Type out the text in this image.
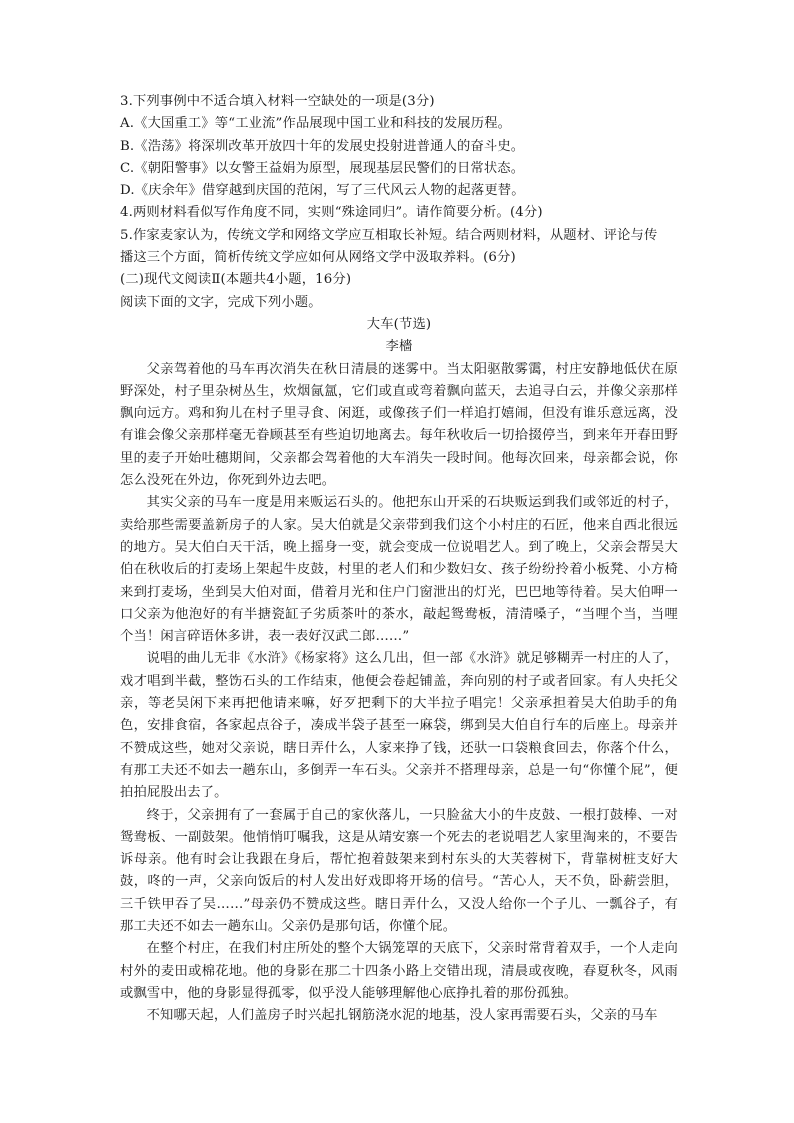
3.下列事例中不适合填入材料一空缺处的一项是(3分)

A.《大国重工》等“工业流”作品展现中国工业和科技的发展历程。

B.《浩荡》将深圳改革开放四十年的发展史投射进普通人的奋斗史。

C.《朝阳警事》以女警王益娟为原型，展现基层民警们的日常状态。

D.《庆余年》借穿越到庆国的范闲，写了三代风云人物的起落更替。

4.两则材料看似写作角度不同，实则“殊途同归”。请作简要分析。(4分)

5.作家麦家认为，传统文学和网络文学应互相取长补短。结合两则材料，从题材、评论与传

播这三个方面，简析传统文学应如何从网络文学中汲取养料。(6分)

(二)现代文阅读Ⅱ(本题共4小题，16分)

阅读下面的文字，完成下列小题。

大车(节选)

李檣

父亲驾着他的马车再次消失在秋日清晨的迷雾中。当太阳驱散雾霭，村庄安静地低伏在原野深处，村子里杂树丛生，炊烟氤氲，它们或直或弯着飘向蓝天，去追寻白云，并像父亲那样飘向远方。鸡和狗儿在村子里寻食、闲逛，或像孩子们一样追打嬉闹，但没有谁乐意远离，没有谁会像父亲那样毫无眷顾甚至有些迫切地离去。每年秋收后一切拾掇停当，到来年开春田野里的麦子开始吐穗期间，父亲都会驾着他的大车消失一段时间。他每次回来，母亲都会说，你怎么没死在外边，你死到外边去吧。

其实父亲的马车一度是用来贩运石头的。他把东山开采的石块贩运到我们或邻近的村子，卖给那些需要盖新房子的人家。吴大伯就是父亲带到我们这个小村庄的石匠，他来自西北很远的地方。吴大伯白天干活，晚上摇身一变，就会变成一位说唱艺人。到了晚上，父亲会帮吴大伯在秋收后的打麦场上架起牛皮鼓，村里的老人们和少数妇女、孩子纷纷拎着小板凳、小方椅来到打麦场，坐到吴大伯对面，借着月光和住户门窗泄出的灯光，巴巴地等待着。吴大伯呷一口父亲为他泡好的有半搪瓷缸子劣质茶叶的茶水，敲起鸳鸯板，清清嗓子，“当哩个当，当哩个当！闲言碎语休多讲，表一表好汉武二郎……”

说唱的曲儿无非《水浒》《杨家将》这么几出，但一部《水浒》就足够糊弄一村庄的人了，戏才唱到半截，整饬石头的工作结束，他便会卷起铺盖，奔向别的村子或者回家。有人央托父亲，等老吴闲下来再把他请来嘛，好歹把剩下的大半拉子唱完！父亲承担着吴大伯助手的角色，安排食宿，各家起点谷子，凑成半袋子甚至一麻袋，绑到吴大伯自行车的后座上。母亲并不赞成这些，她对父亲说，瞎日弄什么，人家来挣了钱，还驮一口袋粮食回去，你落个什么，有那工夫还不如去一趟东山，多倒弄一车石头。父亲并不搭理母亲，总是一句“你懂个屁”，便拍拍屁股出去了。

终于，父亲拥有了一套属于自己的家伙落儿，一只脸盆大小的牛皮鼓、一根打鼓棒、一对鸳鸯板、一副鼓架。他悄悄叮嘱我，这是从靖安寨一个死去的老说唱艺人家里淘来的，不要告诉母亲。他有时会让我跟在身后，帮忙抱着鼓架来到村东头的大芙蓉树下，背靠树桩支好大鼓，咚的一声，父亲向饭后的村人发出好戏即将开场的信号。“苦心人，天不负，卧薪尝胆，三千铁甲吞了吴……”母亲仍不赞成这些。瞎日弄什么，又没人给你一个子儿、一瓢谷子，有那工夫还不如去一趟东山。父亲仍是那句话，你懂个屁。

在整个村庄，在我们村庄所处的整个大锅笼罩的天底下，父亲时常背着双手，一个人走向村外的麦田或棉花地。他的身影在那二十四条小路上交错出现，清晨或夜晚，春夏秋冬，风雨或飘雪中，他的身影显得孤零，似乎没人能够理解他心底挣扎着的那份孤独。

不知哪天起，人们盖房子时兴起扎钢筋浇水泥的地基，没人家再需要石头，父亲的马车
